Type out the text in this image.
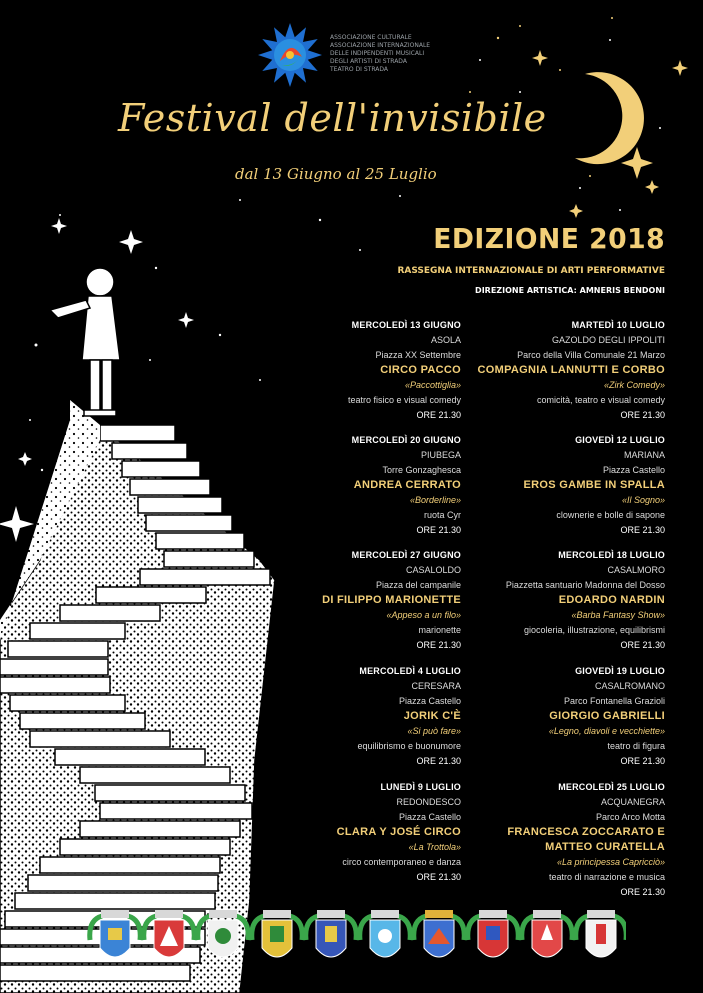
ASSOCIAZIONE CULTURALE
ASSOCIAZIONE INTERNAZIONALE
DELLE INDIPENDENTI MUSICALI
DEGLI ARTISTI DI STRADA
TEATRO DI STRADA
Festival dell'invisibile
dal 13 Giugno al 25 Luglio
EDIZIONE 2018
RASSEGNA INTERNAZIONALE DI ARTI PERFORMATIVE
DIREZIONE ARTISTICA: AMNERIS BENDONI
MERCOLEDÌ 13 GIUGNO
ASOLA
Piazza XX Settembre
CIRCO PACCO
«Paccottiglia»
teatro fisico e visual comedy
ORE 21.30
MERCOLEDÌ 20 GIUGNO
PIUBEGA
Torre Gonzaghesca
ANDREA CERRATO
«Borderline»
ruota Cyr
ORE 21.30
MERCOLEDÌ 27 GIUGNO
CASALOLDO
Piazza del campanile
DI FILIPPO MARIONETTE
«Appeso a un filo»
marionette
ORE 21.30
MERCOLEDÌ 4 LUGLIO
CERESARA
Piazza Castello
JORIK C'È
«Si può fare»
equilibrismo e buonumore
ORE 21.30
LUNEDÌ 9 LUGLIO
REDONDESCO
Piazza Castello
CLARA Y JOSÉ CIRCO
«La Trottola»
circo contemporaneo e danza
ORE 21.30
MARTEDÌ 10 LUGLIO
GAZOLDO DEGLI IPPOLITI
Parco della Villa Comunale 21 Marzo
COMPAGNIA LANNUTTI E CORBO
«Zirk Comedy»
comicità, teatro e visual comedy
ORE 21.30
GIOVEDÌ 12 LUGLIO
MARIANA
Piazza Castello
EROS GAMBE IN SPALLA
«Il Sogno»
clownerie e bolle di sapone
ORE 21.30
MERCOLEDÌ 18 LUGLIO
CASALMORO
Piazzetta santuario Madonna del Dosso
EDOARDO NARDIN
«Barba Fantasy Show»
giocoleria, illustrazione, equilibrismi
ORE 21.30
GIOVEDÌ 19 LUGLIO
CASALROMANO
Parco Fontanella Grazioli
GIORGIO GABRIELLI
«Legno, diavoli e vecchiette»
teatro di figura
ORE 21.30
MERCOLEDÌ 25 LUGLIO
ACQUANEGRA
Parco Arco Motta
FRANCESCA ZOCCARATO E MATTEO CURATELLA
«La principessa Capricciò»
teatro di narrazione e musica
ORE 21.30
